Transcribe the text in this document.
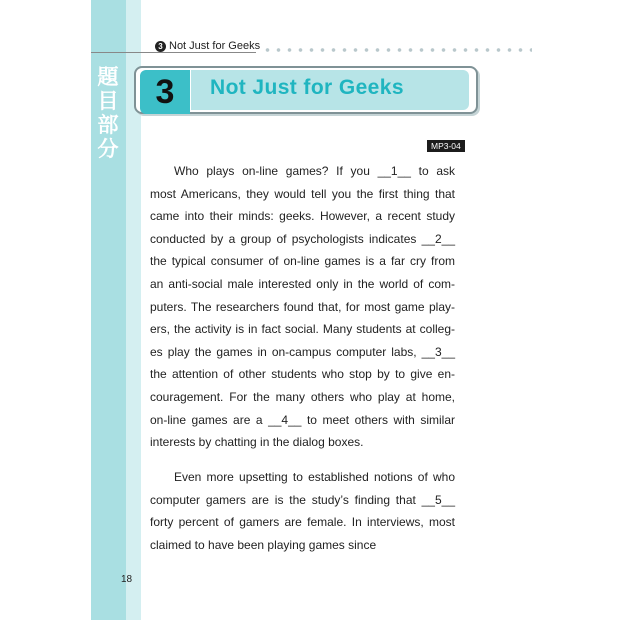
題
目
部
分
3 Not Just for Geeks
3	Not Just for Geeks
MP3-04
Who plays on-line games? If you __1__ to ask
most Americans, they would tell you the first thing that
came into their minds: geeks. However, a recent study
conducted by a group of psychologists indicates __2__
the typical consumer of on-line games is a far cry from
an anti-social male interested only in the world of com-
puters. The researchers found that, for most game play-
ers, the activity is in fact social. Many students at colleg-
es play the games in on-campus computer labs, __3__
the attention of other students who stop by to give en-
couragement. For the many others who play at home,
on-line games are a __4__ to meet others with similar
interests by chatting in the dialog boxes.
Even more upsetting to established notions of who
computer gamers are is the study’s finding that __5__
forty percent of gamers are female. In interviews, most
claimed to have been playing games since
18
